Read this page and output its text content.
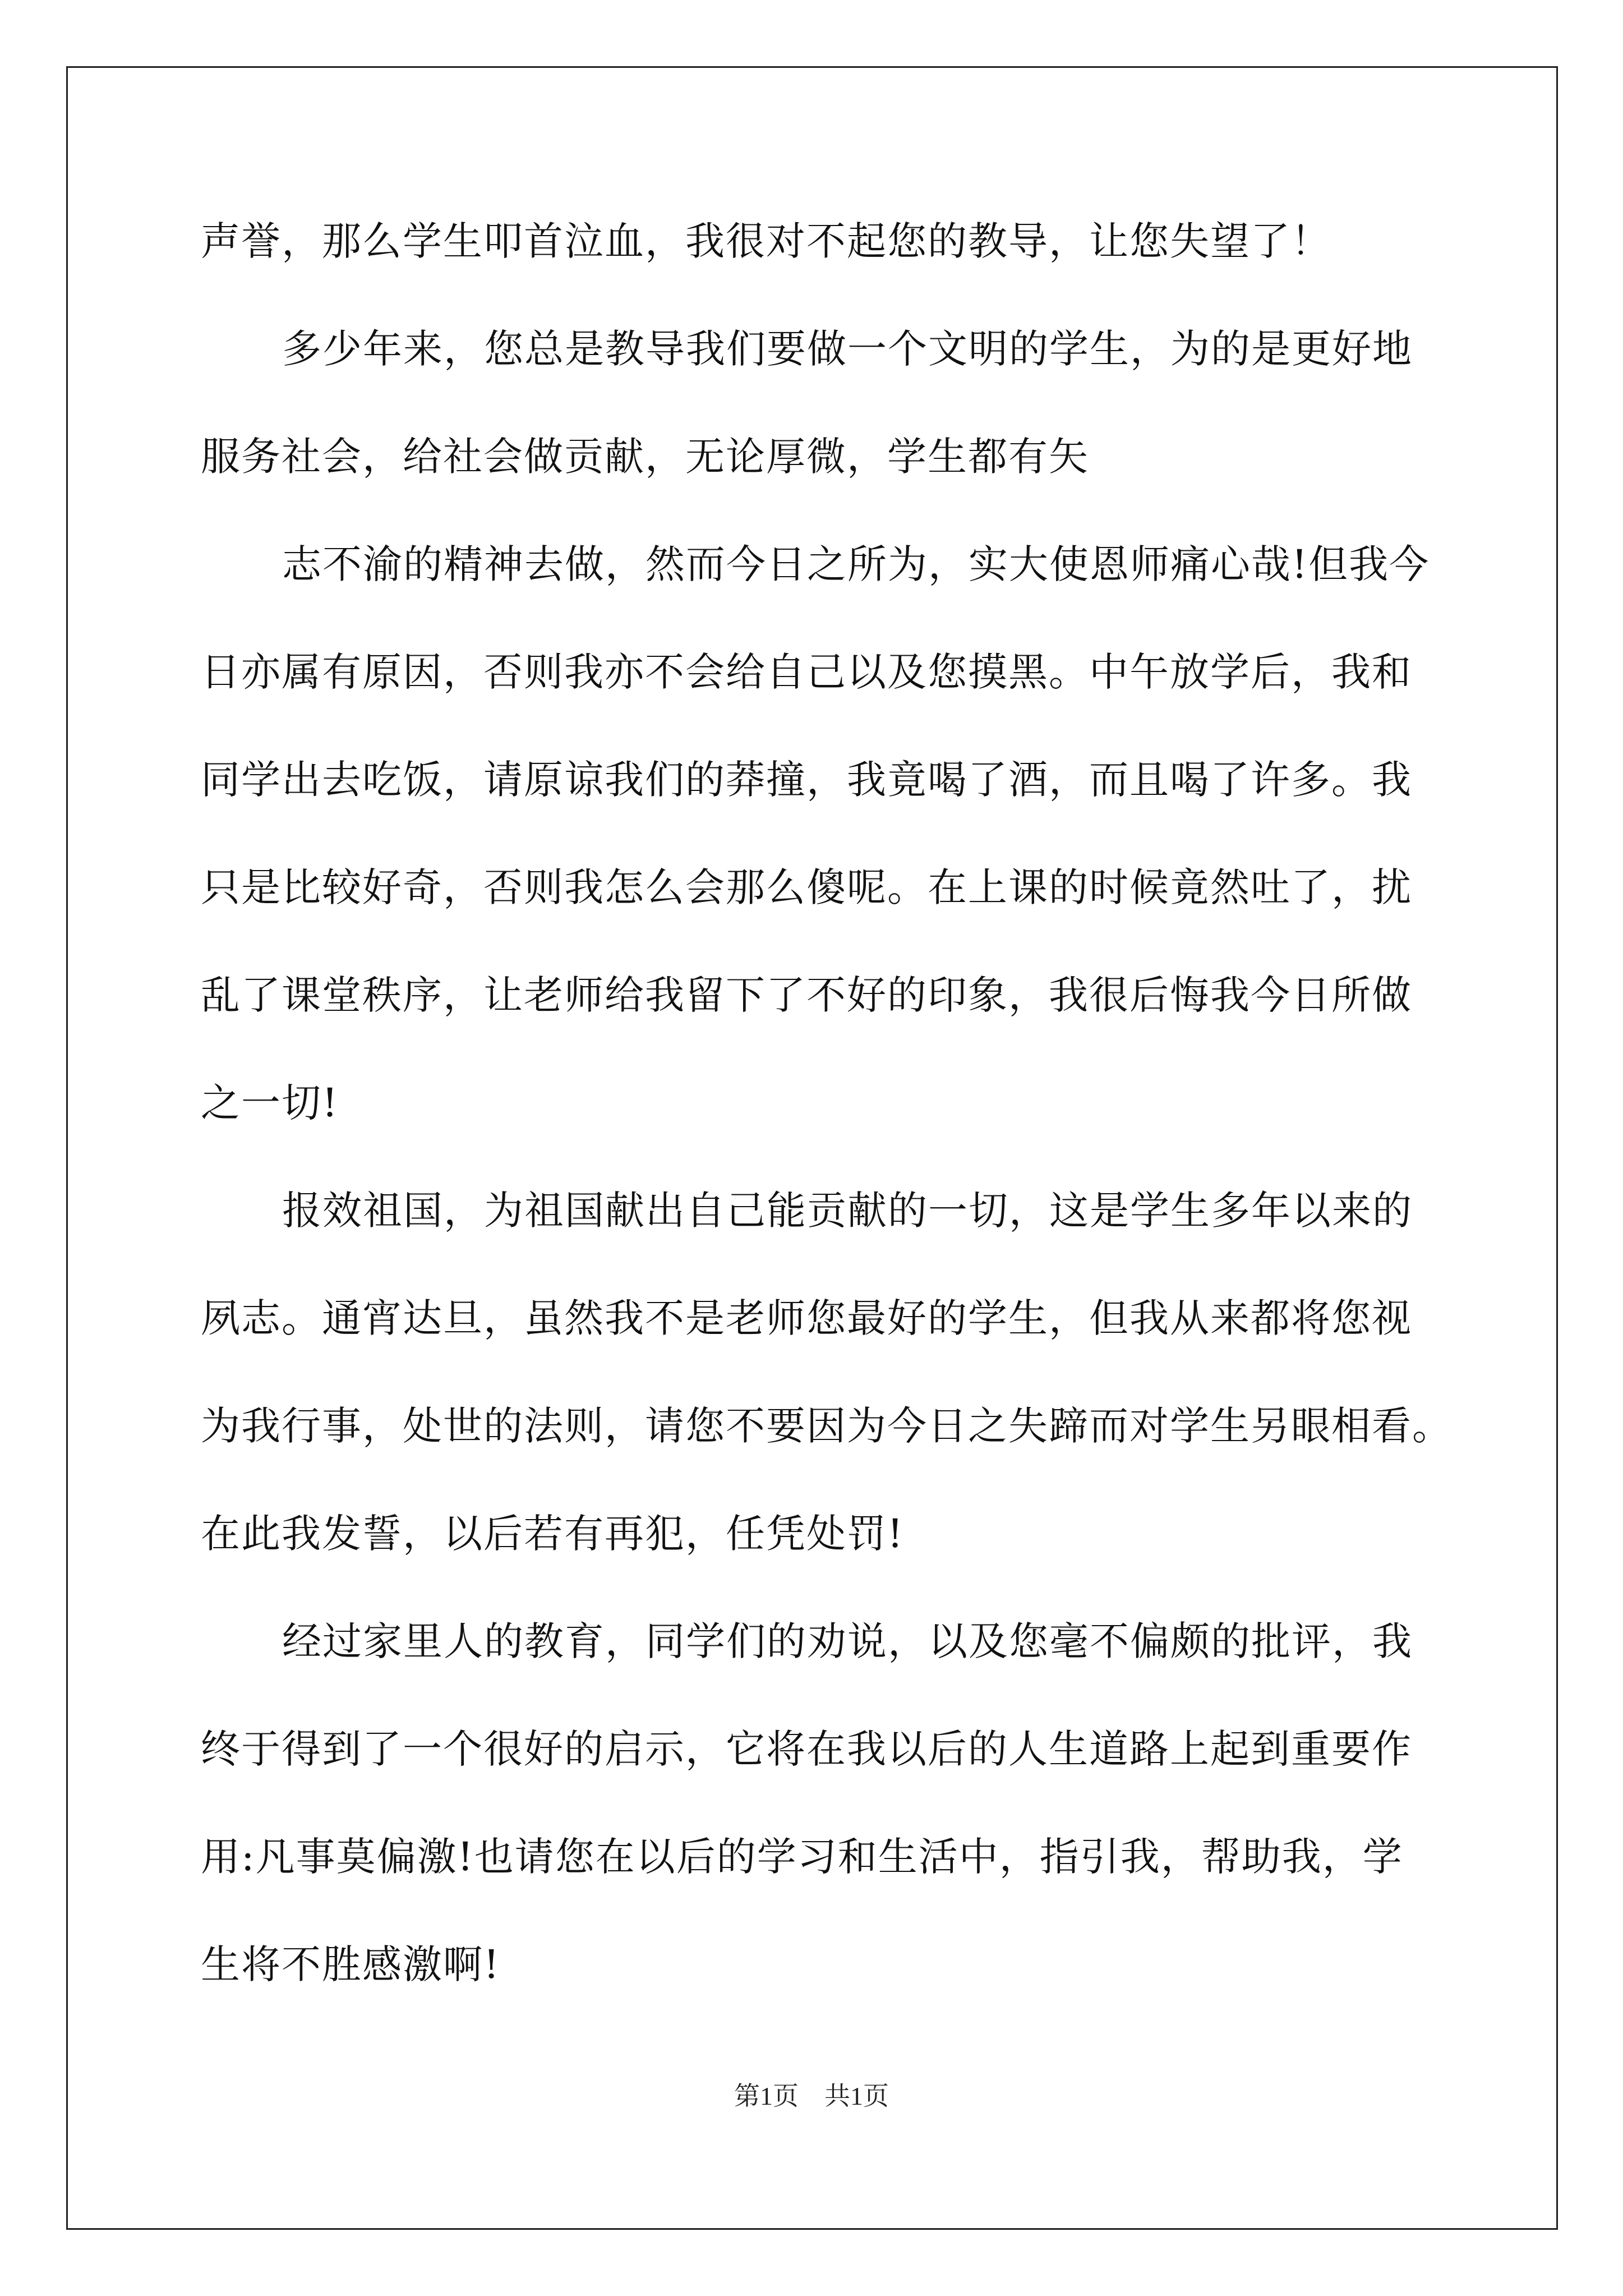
声誉，那么学生叩首泣血，我很对不起您的教导，让您失望了！
多少年来，您总是教导我们要做一个文明的学生，为的是更好地
服务社会，给社会做贡献，无论厚微，学生都有矢
志不渝的精神去做，然而今日之所为，实大使恩师痛心哉!但我今
日亦属有原因，否则我亦不会给自己以及您摸黑。中午放学后，我和
同学出去吃饭，请原谅我们的莽撞，我竟喝了酒，而且喝了许多。我
只是比较好奇，否则我怎么会那么傻呢。在上课的时候竟然吐了，扰
乱了课堂秩序，让老师给我留下了不好的印象，我很后悔我今日所做
之一切!
报效祖国，为祖国献出自己能贡献的一切，这是学生多年以来的
夙志。通宵达旦，虽然我不是老师您最好的学生，但我从来都将您视
为我行事，处世的法则，请您不要因为今日之失蹄而对学生另眼相看。
在此我发誓，以后若有再犯，任凭处罚!
经过家里人的教育，同学们的劝说，以及您毫不偏颇的批评，我
终于得到了一个很好的启示，它将在我以后的人生道路上起到重要作
用:凡事莫偏激!也请您在以后的学习和生活中，指引我，帮助我，学
生将不胜感激啊!
第1页　共1页
